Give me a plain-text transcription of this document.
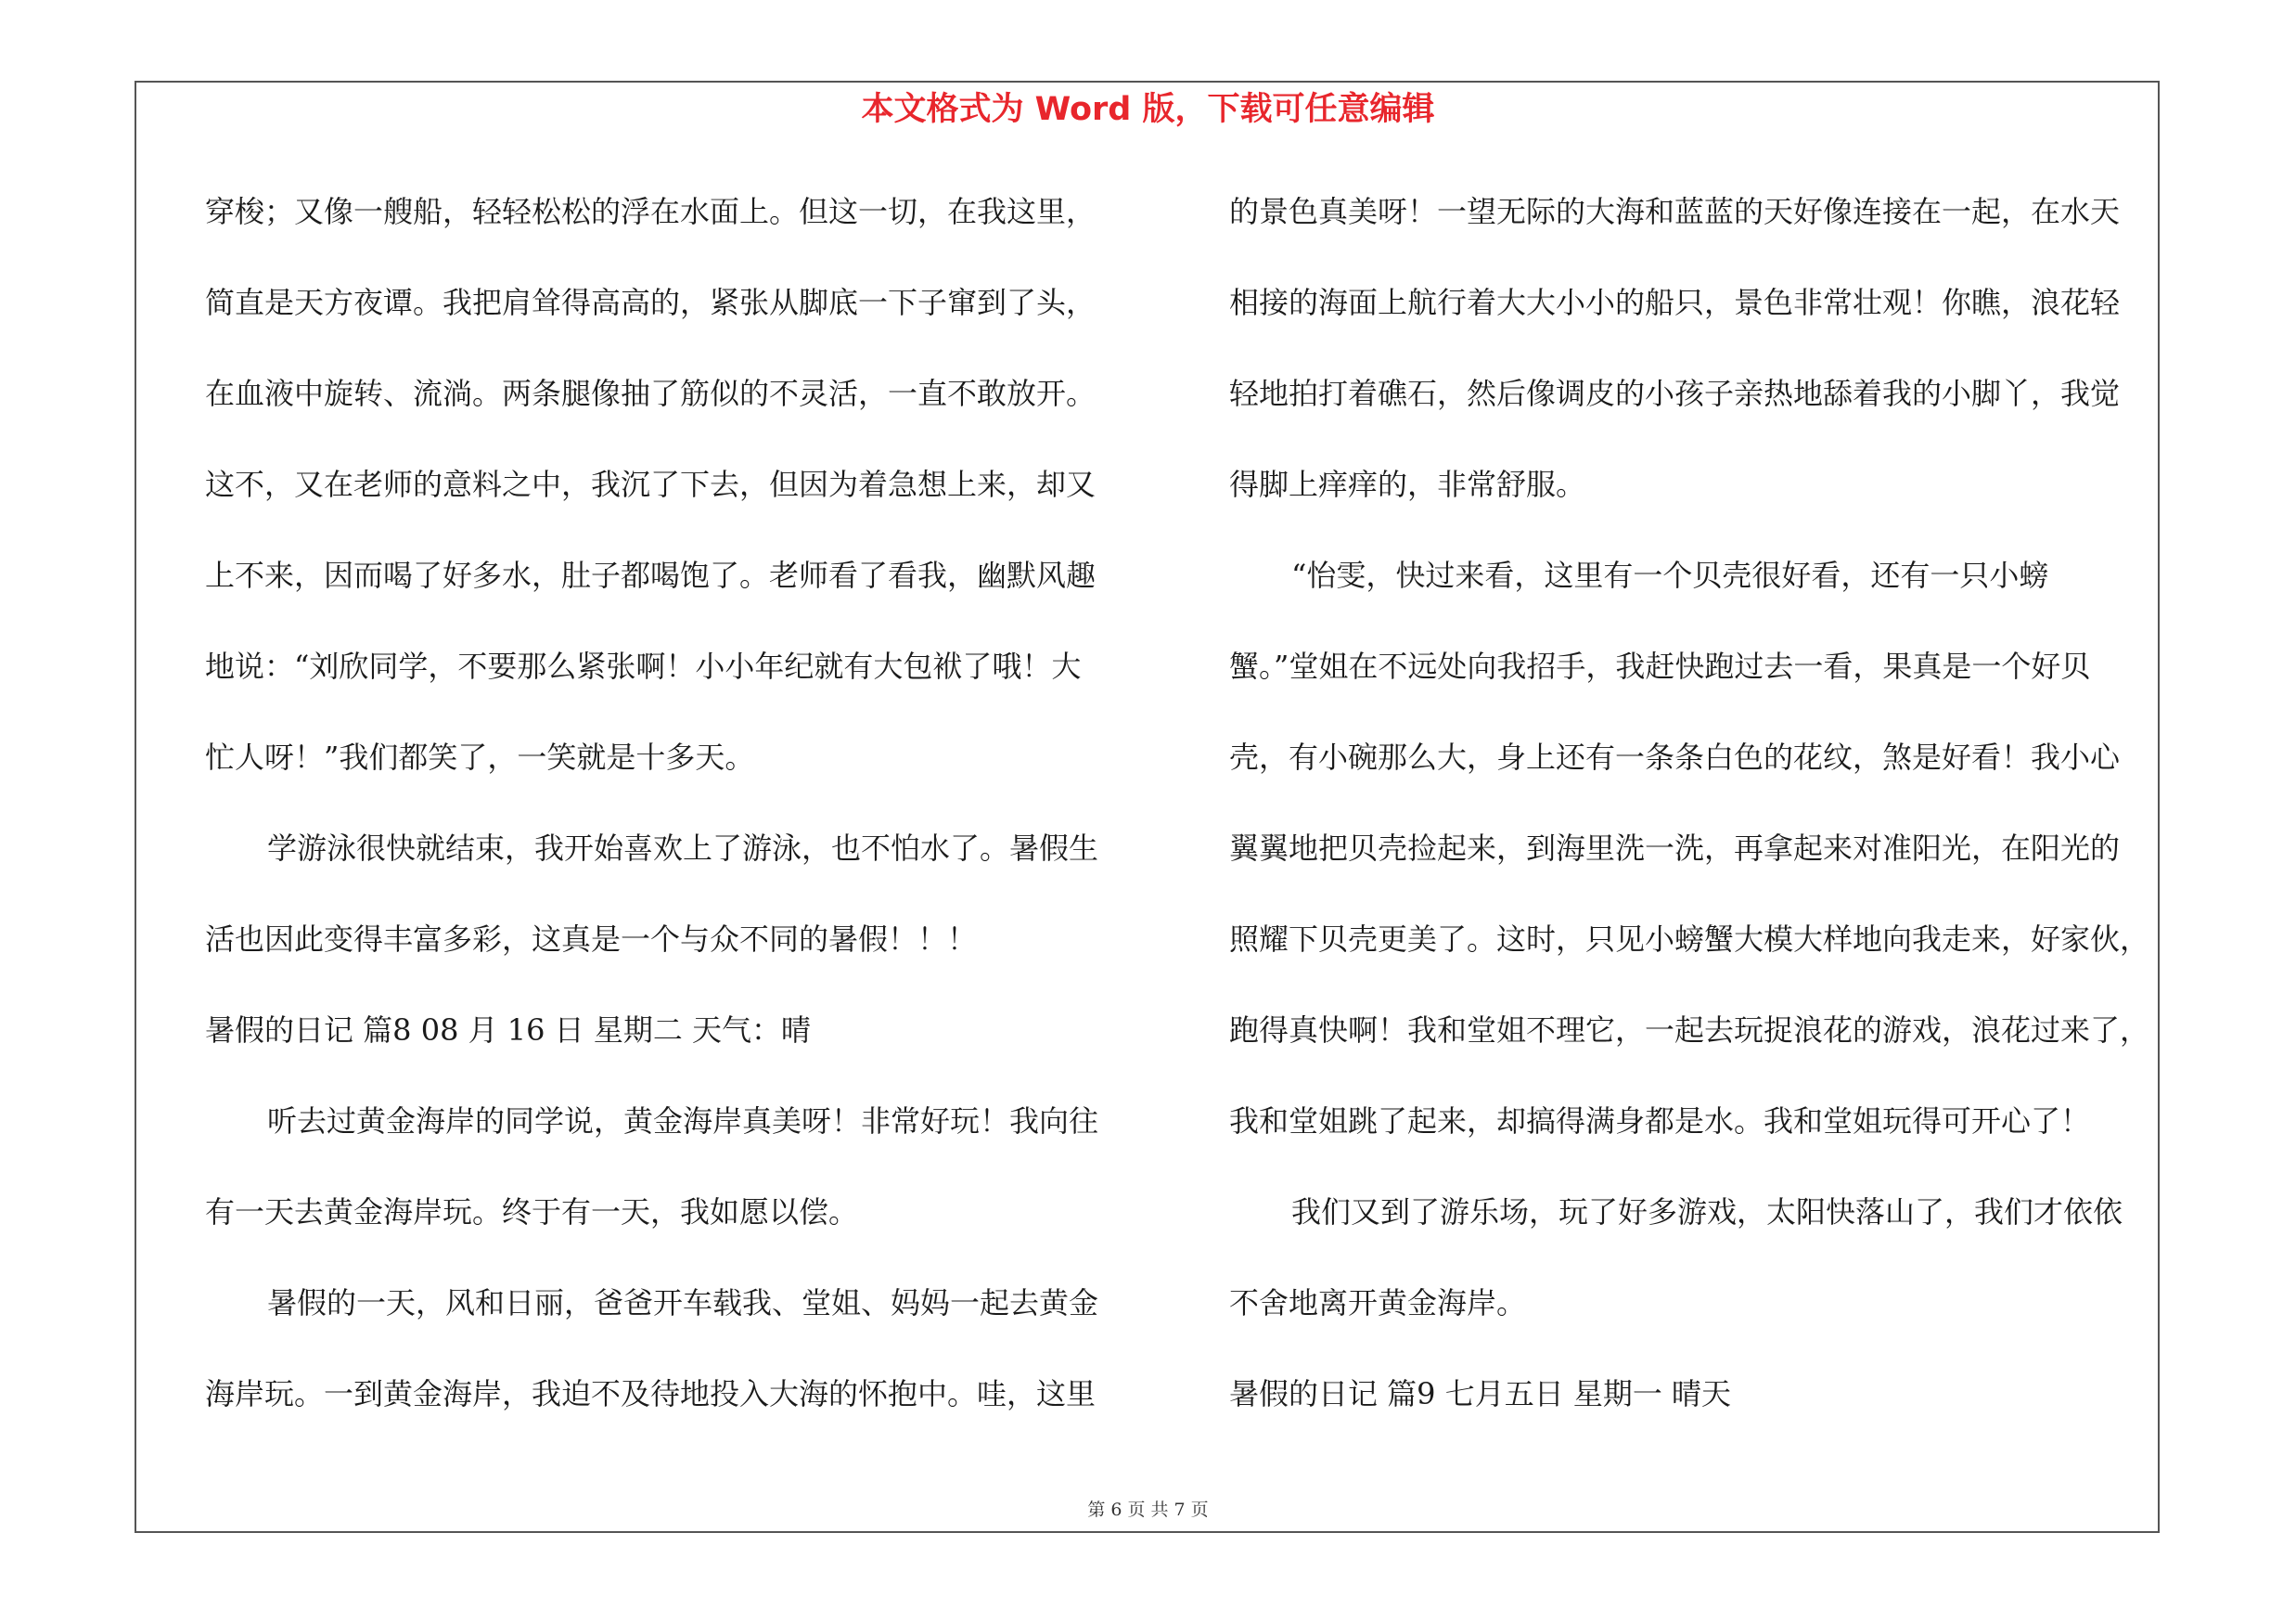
本文格式为 Word 版，下载可任意编辑
穿梭；又像一艘船，轻轻松松的浮在水面上。但这一切，在我这里，
简直是天方夜谭。我把肩耸得高高的，紧张从脚底一下子窜到了头，
在血液中旋转、流淌。两条腿像抽了筋似的不灵活，一直不敢放开。
这不，又在老师的意料之中，我沉了下去，但因为着急想上来，却又
上不来，因而喝了好多水，肚子都喝饱了。老师看了看我，幽默风趣
地说：“刘欣同学，不要那么紧张啊！小小年纪就有大包袱了哦！大
忙人呀！”我们都笑了，一笑就是十多天。
学游泳很快就结束，我开始喜欢上了游泳，也不怕水了。暑假生
活也因此变得丰富多彩，这真是一个与众不同的暑假！！！
暑假的日记 篇8 08 月 16 日 星期二 天气：晴
听去过黄金海岸的同学说，黄金海岸真美呀！非常好玩！我向往
有一天去黄金海岸玩。终于有一天，我如愿以偿。
暑假的一天，风和日丽，爸爸开车载我、堂姐、妈妈一起去黄金
海岸玩。一到黄金海岸，我迫不及待地投入大海的怀抱中。哇，这里
的景色真美呀！一望无际的大海和蓝蓝的天好像连接在一起，在水天
相接的海面上航行着大大小小的船只，景色非常壮观！你瞧，浪花轻
轻地拍打着礁石，然后像调皮的小孩子亲热地舔着我的小脚丫，我觉
得脚上痒痒的，非常舒服。
“怡雯，快过来看，这里有一个贝壳很好看，还有一只小螃
蟹。”堂姐在不远处向我招手，我赶快跑过去一看，果真是一个好贝
壳，有小碗那么大，身上还有一条条白色的花纹，煞是好看！我小心
翼翼地把贝壳捡起来，到海里洗一洗，再拿起来对准阳光，在阳光的
照耀下贝壳更美了。这时，只见小螃蟹大模大样地向我走来，好家伙，
跑得真快啊！我和堂姐不理它，一起去玩捉浪花的游戏，浪花过来了，
我和堂姐跳了起来，却搞得满身都是水。我和堂姐玩得可开心了！
我们又到了游乐场，玩了好多游戏，太阳快落山了，我们才依依
不舍地离开黄金海岸。
暑假的日记 篇9 七月五日 星期一 晴天
第 6 页 共 7 页
